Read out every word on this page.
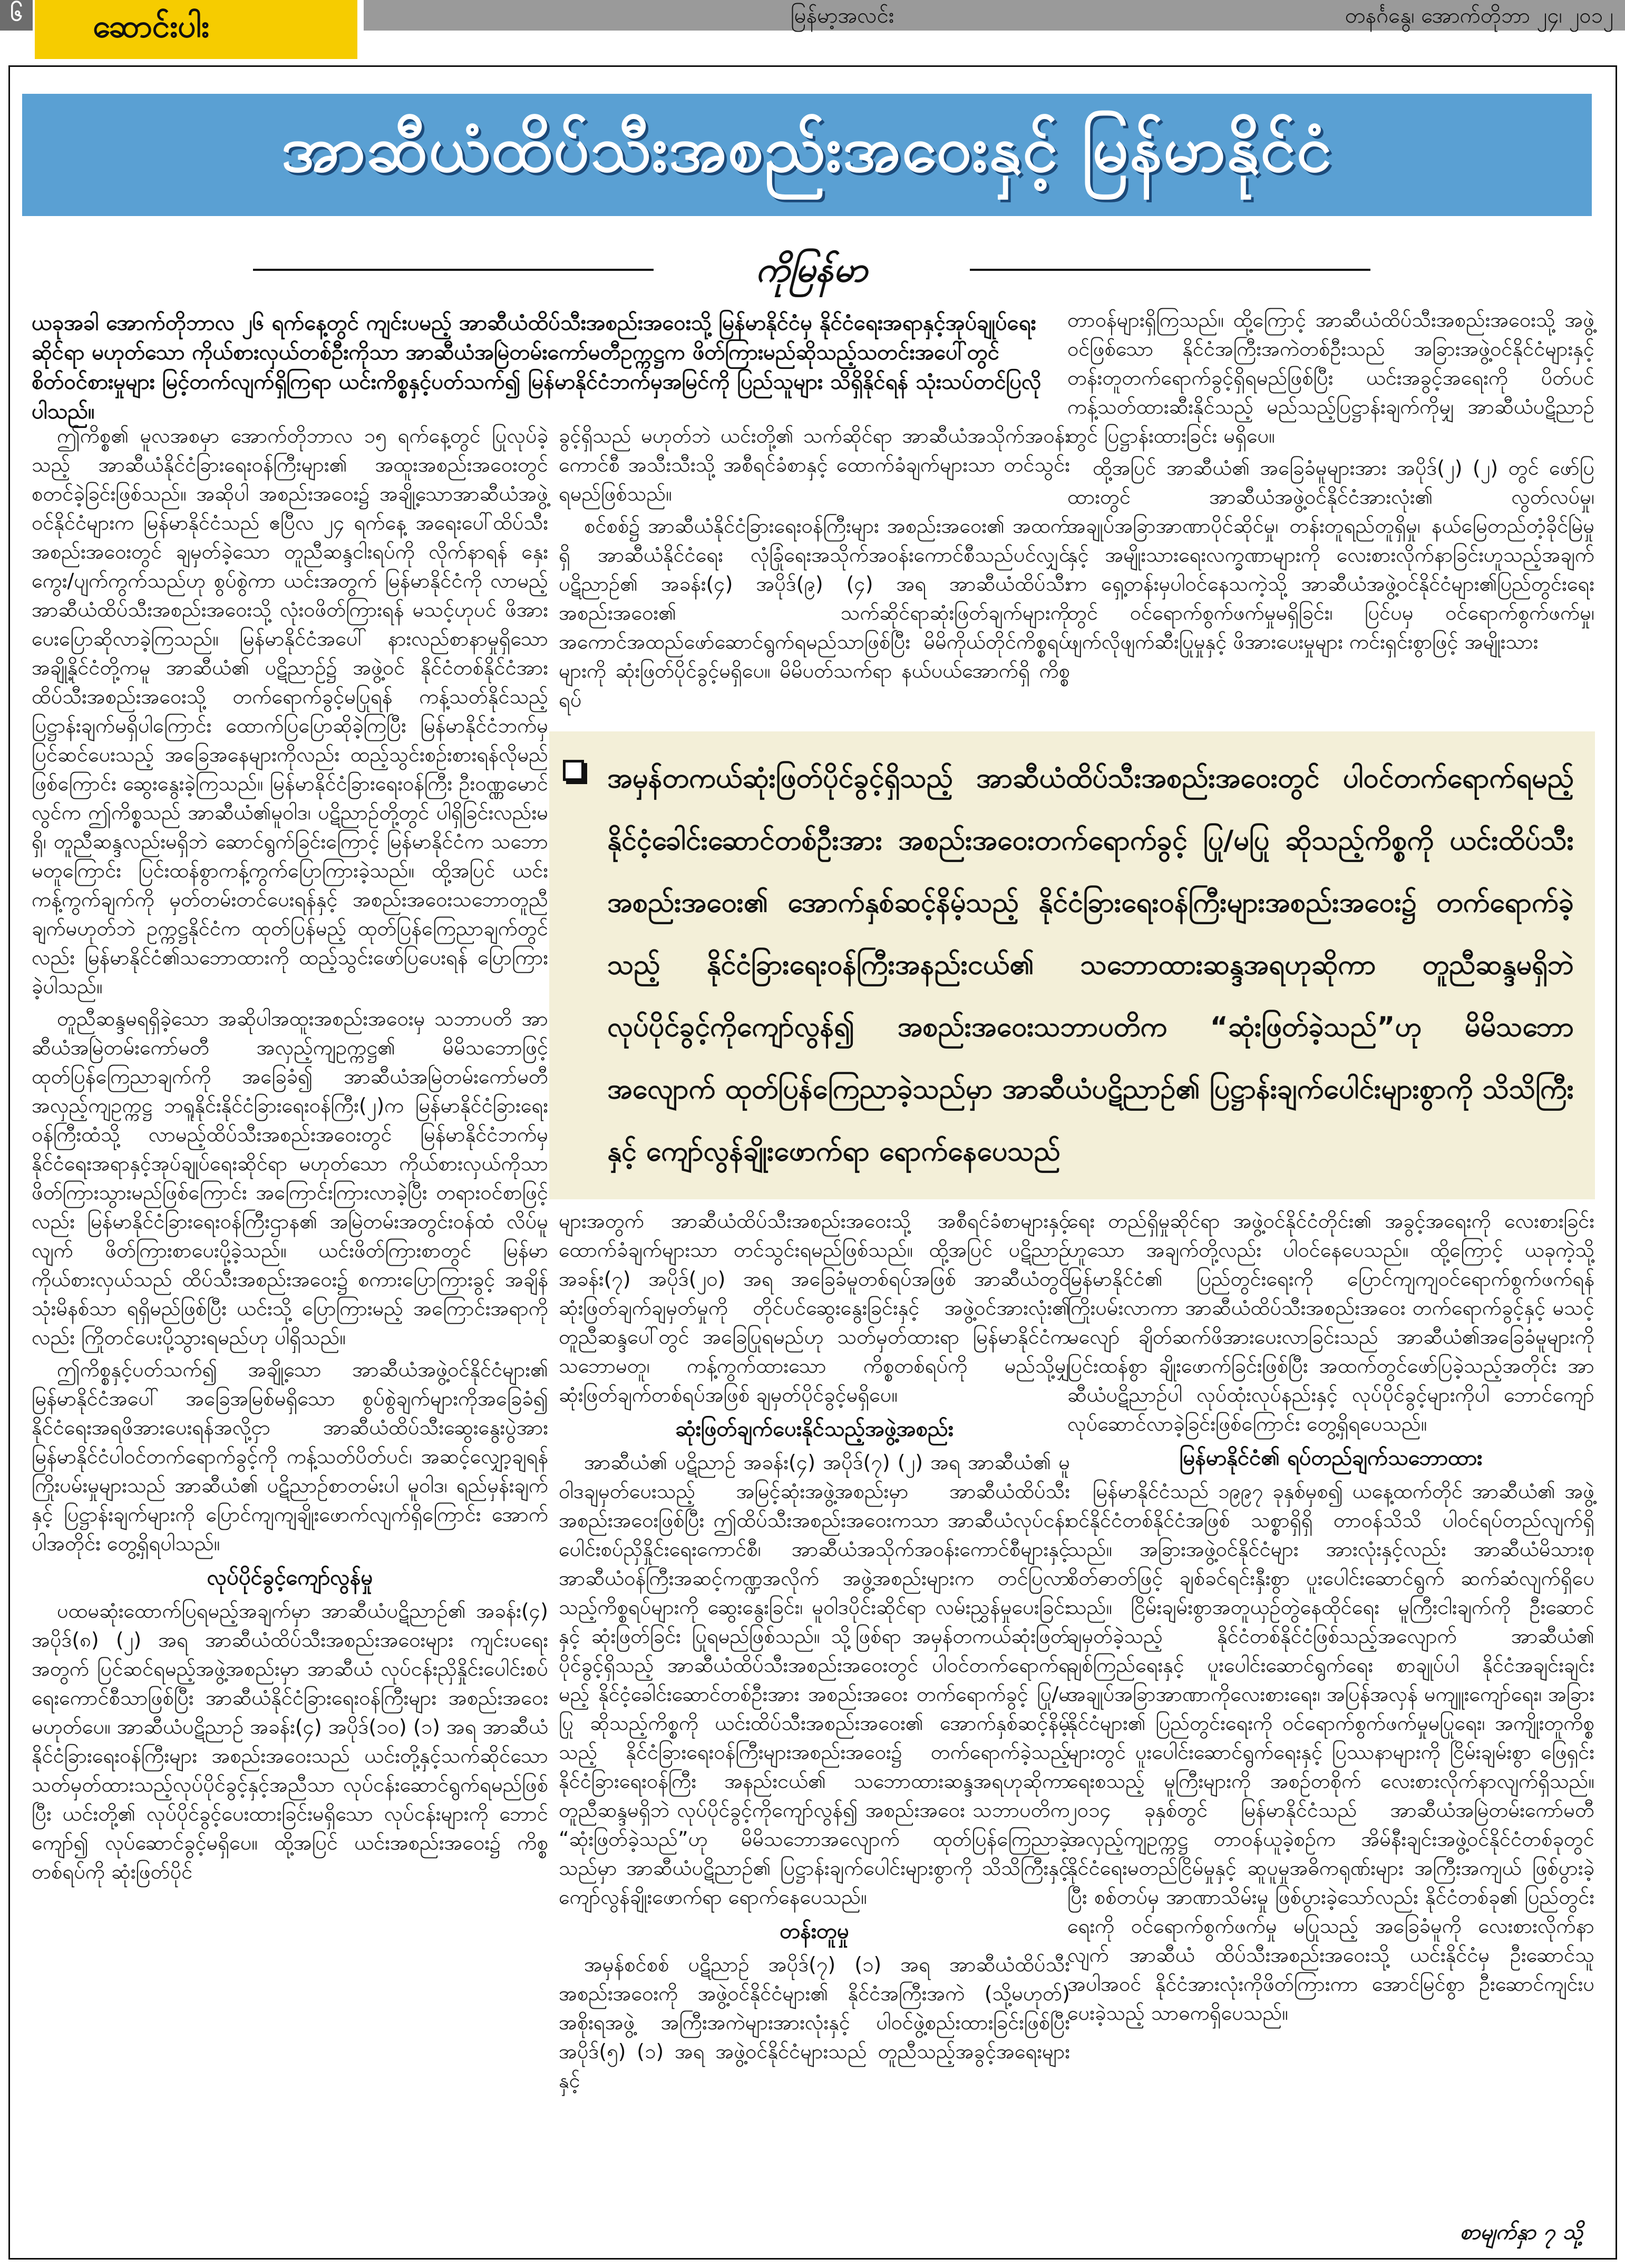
၆	ဆောင်းပါး	မြန်မာ့အလင်း	တနင်္ဂနွေ၊ အောက်တိုဘာ ၂၄၊ ၂၀၁၂
အာဆီယံထိပ်သီးအစည်းအဝေးနှင့် မြန်မာနိုင်ငံ
ကိုမြန်မာ
ယခုအခါ အောက်တိုဘာလ ၂၆ ရက်နေ့တွင် ကျင်းပမည့် အာဆီယံထိပ်သီးအစည်းအဝေးသို့ မြန်မာနိုင်ငံမှ နိုင်ငံရေးအရာနှင့်အုပ်ချုပ်ရေးဆိုင်ရာ မဟုတ်သော ကိုယ်စားလှယ်တစ်ဦးကိုသာ အာဆီယံအမြဲတမ်းကော်မတီဥက္ကဋ္ဌက ဖိတ်ကြားမည်ဆိုသည့်သတင်းအပေါ်တွင် စိတ်ဝင်စားမှုများ မြင့်တက်လျက်ရှိကြရာ ယင်းကိစ္စနှင့်ပတ်သက်၍ မြန်မာနိုင်ငံဘက်မှအမြင်ကို ပြည်သူများ သိရှိနိုင်ရန် သုံးသပ်တင်ပြလိုပါသည်။

ဤကိစ္စ၏ မူလအစမှာ အောက်တိုဘာလ ၁၅ ရက်နေ့တွင် ပြုလုပ်ခဲ့သည့် အာဆီယံနိုင်ငံခြားရေးဝန်ကြီးများ၏ အထူးအစည်းအဝေးတွင် စတင်ခဲ့ခြင်းဖြစ်သည်။ အဆိုပါ အစည်းအဝေး၌ အချို့သောအာဆီယံအဖွဲ့ဝင်နိုင်ငံများက မြန်မာနိုင်ငံသည် ဧပြီလ ၂၄ ရက်နေ့ အရေးပေါ်ထိပ်သီးအစည်းအဝေးတွင် ချမှတ်ခဲ့သော တူညီဆန္ဒငါးရပ်ကို လိုက်နာရန် နှေးကွေး/ပျက်ကွက်သည်ဟု စွပ်စွဲကာ ယင်းအတွက် မြန်မာနိုင်ငံကို လာမည့်အာဆီယံထိပ်သီးအစည်းအဝေးသို့ လုံးဝဖိတ်ကြားရန် မသင့်ဟုပင် ဖိအားပေးပြောဆိုလာခဲ့ကြသည်။ မြန်မာနိုင်ငံအပေါ် နားလည်စာနာမှုရှိသော အချို့နိုင်ငံတို့ကမူ အာဆီယံ၏ ပဋိညာဉ်၌ အဖွဲ့ဝင် နိုင်ငံတစ်နိုင်ငံအား ထိပ်သီးအစည်းအဝေးသို့ တက်ရောက်ခွင့်မပြုရန် ကန့်သတ်နိုင်သည့် ပြဋ္ဌာန်းချက်မရှိပါကြောင်း ထောက်ပြပြောဆိုခဲ့ကြပြီး မြန်မာနိုင်ငံဘက်မှ ပြင်ဆင်ပေးသည့် အခြေအနေများကိုလည်း ထည့်သွင်းစဉ်းစားရန်လိုမည်ဖြစ်ကြောင်း ဆွေးနွေးခဲ့ကြသည်။ မြန်မာနိုင်ငံခြားရေးဝန်ကြီး ဦးဝဏ္ဏမောင်လွင်က ဤကိစ္စသည် အာဆီယံ၏မူဝါဒ၊ ပဋိညာဉ်တို့တွင် ပါရှိခြင်းလည်းမရှိ၊ တူညီဆန္ဒလည်းမရှိဘဲ ဆောင်ရွက်ခြင်းကြောင့် မြန်မာနိုင်ငံက သဘောမတူကြောင်း ပြင်းထန်စွာကန့်ကွက်ပြောကြားခဲ့သည်။ ထို့အပြင် ယင်းကန့်ကွက်ချက်ကို မှတ်တမ်းတင်ပေးရန်နှင့် အစည်းအဝေးသဘောတူညီချက်မဟုတ်ဘဲ ဥက္ကဋ္ဌနိုင်ငံက ထုတ်ပြန်မည့် ထုတ်ပြန်ကြေညာချက်တွင်လည်း မြန်မာနိုင်ငံ၏သဘောထားကို ထည့်သွင်းဖော်ပြပေးရန် ပြောကြားခဲ့ပါသည်။

တူညီဆန္ဒမရရှိခဲ့သော အဆိုပါအထူးအစည်းအဝေးမှ သဘာပတိ အာဆီယံအမြဲတမ်းကော်မတီ အလှည့်ကျဥက္ကဋ္ဌ၏ မိမိသဘောဖြင့် ထုတ်ပြန်ကြေညာချက်ကို အခြေခံ၍ အာဆီယံအမြဲတမ်းကော်မတီ အလှည့်ကျဥက္ကဋ္ဌ ဘရူနိုင်းနိုင်ငံခြားရေးဝန်ကြီး(၂)က မြန်မာနိုင်ငံခြားရေးဝန်ကြီးထံသို့ လာမည့်ထိပ်သီးအစည်းအဝေးတွင် မြန်မာနိုင်ငံဘက်မှ နိုင်ငံရေးအရာနှင့်အုပ်ချုပ်ရေးဆိုင်ရာ မဟုတ်သော ကိုယ်စားလှယ်ကိုသာ ဖိတ်ကြားသွားမည်ဖြစ်ကြောင်း အကြောင်းကြားလာခဲ့ပြီး တရားဝင်စာဖြင့်လည်း မြန်မာနိုင်ငံခြားရေးဝန်ကြီးဌာန၏ အမြဲတမ်းအတွင်းဝန်ထံ လိပ်မူလျက် ဖိတ်ကြားစာပေးပို့ခဲ့သည်။ ယင်းဖိတ်ကြားစာတွင် မြန်မာကိုယ်စားလှယ်သည် ထိပ်သီးအစည်းအဝေး၌ စကားပြောကြားခွင့် အချိန်သုံးမိနစ်သာ ရရှိမည်ဖြစ်ပြီး ယင်းသို့ ပြောကြားမည့် အကြောင်းအရာကိုလည်း ကြိုတင်ပေးပို့သွားရမည်ဟု ပါရှိသည်။

ဤကိစ္စနှင့်ပတ်သက်၍ အချို့သော အာဆီယံအဖွဲ့ဝင်နိုင်ငံများ၏ မြန်မာနိုင်ငံအပေါ် အခြေအမြစ်မရှိသော စွပ်စွဲချက်များကိုအခြေခံ၍ နိုင်ငံရေးအရဖိအားပေးရန်အလို့ငှာ အာဆီယံထိပ်သီးဆွေးနွေးပွဲအား မြန်မာနိုင်ငံပါဝင်တက်ရောက်ခွင့်ကို ကန့်သတ်ပိတ်ပင်၊ အဆင့်လျှော့ချရန် ကြိုးပမ်းမှုများသည် အာဆီယံ၏ ပဋိညာဉ်စာတမ်းပါ မူဝါဒ၊ ရည်မှန်းချက်နှင့် ပြဋ္ဌာန်းချက်များကို ပြောင်ကျကျချိုးဖောက်လျက်ရှိကြောင်း အောက်ပါအတိုင်း တွေ့ရှိရပါသည်။

လုပ်ပိုင်ခွင့်ကျော်လွန်မှု

ပထမဆုံးထောက်ပြရမည့်အချက်မှာ အာဆီယံပဋိညာဉ်၏ အခန်း(၄) အပိုဒ်(၈) (၂) အရ အာဆီယံထိပ်သီးအစည်းအဝေးများ ကျင်းပရေးအတွက် ပြင်ဆင်ရမည့်အဖွဲ့အစည်းမှာ အာဆီယံ လုပ်ငန်းညှိနှိုင်းပေါင်းစပ်ရေးကောင်စီသာဖြစ်ပြီး အာဆီယံနိုင်ငံခြားရေးဝန်ကြီးများ အစည်းအဝေး မဟုတ်ပေ။ အာဆီယံပဋိညာဉ် အခန်း(၄) အပိုဒ်(၁၀) (၁) အရ အာဆီယံနိုင်ငံခြားရေးဝန်ကြီးများ အစည်းအဝေးသည် ယင်းတို့နှင့်သက်ဆိုင်သော သတ်မှတ်ထားသည့်လုပ်ပိုင်ခွင့်နှင့်အညီသာ လုပ်ငန်းဆောင်ရွက်ရမည်ဖြစ်ပြီး ယင်းတို့၏ လုပ်ပိုင်ခွင့်ပေးထားခြင်းမရှိသော လုပ်ငန်းများကို ဘောင်ကျော်၍ လုပ်ဆောင်ခွင့်မရှိပေ။ ထို့အပြင် ယင်းအစည်းအဝေး၌ ကိစ္စတစ်ရပ်ကို ဆုံးဖြတ်ပိုင်

ခွင့်ရှိသည် မဟုတ်ဘဲ ယင်းတို့၏ သက်ဆိုင်ရာ အာဆီယံအသိုက်အဝန်းကောင်စီ အသီးသီးသို့ အစီရင်ခံစာနှင့် ထောက်ခံချက်များသာ တင်သွင်းရမည်ဖြစ်သည်။

စင်စစ်၌ အာဆီယံနိုင်ငံခြားရေးဝန်ကြီးများ အစည်းအဝေး၏ အထက်ရှိ အာဆီယံနိုင်ငံရေး လုံခြုံရေးအသိုက်အဝန်းကောင်စီသည်ပင်လျှင် ပဋိညာဉ်၏ အခန်း(၄) အပိုဒ်(၉) (၄) အရ အာဆီယံထိပ်သီးအစည်းအဝေး၏ သက်ဆိုင်ရာဆုံးဖြတ်ချက်များကို အကောင်အထည်ဖော်ဆောင်ရွက်ရမည်သာဖြစ်ပြီး မိမိကိုယ်တိုင်ကိစ္စရပ်များကို ဆုံးဖြတ်ပိုင်ခွင့်မရှိပေ။ မိမိပတ်သက်ရာ နယ်ပယ်အောက်ရှိ ကိစ္စရပ်

တာဝန်များရှိကြသည်။ ထို့ကြောင့် အာဆီယံထိပ်သီးအစည်းအဝေးသို့ အဖွဲ့ဝင်ဖြစ်သော နိုင်ငံအကြီးအကဲတစ်ဦးသည် အခြားအဖွဲ့ဝင်နိုင်ငံများနှင့် တန်းတူတက်ရောက်ခွင့်ရှိရမည်ဖြစ်ပြီး ယင်းအခွင့်အရေးကို ပိတ်ပင်ကန့်သတ်ထားဆီးနိုင်သည့် မည်သည့်ပြဋ္ဌာန်းချက်ကိုမျှ အာဆီယံပဋိညာဉ်တွင် ပြဋ္ဌာန်းထားခြင်း မရှိပေ။

ထို့အပြင် အာဆီယံ၏ အခြေခံမူများအား အပိုဒ်(၂) (၂) တွင် ဖော်ပြထားတွင် အာဆီယံအဖွဲ့ဝင်နိုင်ငံအားလုံး၏ လွတ်လပ်မှု၊ အချုပ်အခြာအာဏာပိုင်ဆိုင်မှု၊ တန်းတူရည်တူရှိမှု၊ နယ်မြေတည်တံ့ခိုင်မြဲမှုနှင့် အမျိုးသားရေးလက္ခဏာများကို လေးစားလိုက်နာခြင်းဟူသည့်အချက်က ရှေ့တန်းမှပါဝင်နေသကဲ့သို့ အာဆီယံအဖွဲ့ဝင်နိုင်ငံများ၏ပြည်တွင်းရေးတွင် ဝင်ရောက်စွက်ဖက်မှုမရှိခြင်း၊ ပြင်ပမှ ဝင်ရောက်စွက်ဖက်မှု၊ ဖျက်လိုဖျက်ဆီးပြုမှုနှင့် ဖိအားပေးမှုများ ကင်းရှင်းစွာဖြင့် အမျိုးသား

အမှန်တကယ်ဆုံးဖြတ်ပိုင်ခွင့်ရှိသည့် အာဆီယံထိပ်သီးအစည်းအဝေးတွင် ပါဝင်တက်ရောက်ရမည့် နိုင်ငံ့ခေါင်းဆောင်တစ်ဦးအား အစည်းအဝေးတက်ရောက်ခွင့် ပြု/မပြု ဆိုသည့်ကိစ္စကို ယင်းထိပ်သီးအစည်းအဝေး၏ အောက်နှစ်ဆင့်နိမ့်သည့် နိုင်ငံခြားရေးဝန်ကြီးများအစည်းအဝေး၌ တက်ရောက်ခဲ့သည့် နိုင်ငံခြားရေးဝန်ကြီးအနည်းငယ်၏ သဘောထားဆန္ဒအရဟုဆိုကာ တူညီဆန္ဒမရှိဘဲ လုပ်ပိုင်ခွင့်ကိုကျော်လွန်၍ အစည်းအဝေးသဘာပတိက “ဆုံးဖြတ်ခဲ့သည်”ဟု မိမိသဘောအလျောက် ထုတ်ပြန်ကြေညာခဲ့သည်မှာ အာဆီယံပဋိညာဉ်၏ ပြဋ္ဌာန်းချက်ပေါင်းများစွာကို သိသိကြီးနှင့် ကျော်လွန်ချိုးဖောက်ရာ ရောက်နေပေသည်

များအတွက် အာဆီယံထိပ်သီးအစည်းအဝေးသို့ အစီရင်ခံစာများနှင့် ထောက်ခံချက်များသာ တင်သွင်းရမည်ဖြစ်သည်။ ထို့အပြင် ပဋိညာဉ်အခန်း(၇) အပိုဒ်(၂၀) အရ အခြေခံမူတစ်ရပ်အဖြစ် အာဆီယံတွင် ဆုံးဖြတ်ချက်ချမှတ်မှုကို တိုင်ပင်ဆွေးနွေးခြင်းနှင့် အဖွဲ့ဝင်အားလုံး၏ တူညီဆန္ဒပေါ်တွင် အခြေပြုရမည်ဟု သတ်မှတ်ထားရာ မြန်မာနိုင်ငံက သဘောမတူ၊ ကန့်ကွက်ထားသော ကိစ္စတစ်ရပ်ကို မည်သို့မျှ ဆုံးဖြတ်ချက်တစ်ရပ်အဖြစ် ချမှတ်ပိုင်ခွင့်မရှိပေ။

ဆုံးဖြတ်ချက်ပေးနိုင်သည့်အဖွဲ့အစည်း

အာဆီယံ၏ ပဋိညာဉ် အခန်း(၄) အပိုဒ်(၇) (၂) အရ အာဆီယံ၏ မူဝါဒချမှတ်ပေးသည့် အမြင့်ဆုံးအဖွဲ့အစည်းမှာ အာဆီယံထိပ်သီးအစည်းအဝေးဖြစ်ပြီး ဤထိပ်သီးအစည်းအဝေးကသာ အာဆီယံလုပ်ငန်း ပေါင်းစပ်ညှိနှိုင်းရေးကောင်စီ၊ အာဆီယံအသိုက်အဝန်းကောင်စီများနှင့် အာဆီယံဝန်ကြီးအဆင့်ကဏ္ဍအလိုက် အဖွဲ့အစည်းများက တင်ပြလာသည့်ကိစ္စရပ်များကို ဆွေးနွေးခြင်း၊ မူဝါဒပိုင်းဆိုင်ရာ လမ်းညွှန်မှုပေးခြင်းနှင့် ဆုံးဖြတ်ခြင်း ပြုရမည်ဖြစ်သည်။ သို့ဖြစ်ရာ အမှန်တကယ်ဆုံးဖြတ်ပိုင်ခွင့်ရှိသည့် အာဆီယံထိပ်သီးအစည်းအဝေးတွင် ပါဝင်တက်ရောက်ရမည့် နိုင်ငံ့ခေါင်းဆောင်တစ်ဦးအား အစည်းအဝေး တက်ရောက်ခွင့် ပြု/မပြု ဆိုသည့်ကိစ္စကို ယင်းထိပ်သီးအစည်းအဝေး၏ အောက်နှစ်ဆင့်နိမ့်သည့် နိုင်ငံခြားရေးဝန်ကြီးများအစည်းအဝေး၌ တက်ရောက်ခဲ့သည့် နိုင်ငံခြားရေးဝန်ကြီး အနည်းငယ်၏ သဘောထားဆန္ဒအရဟုဆိုကာ တူညီဆန္ဒမရှိဘဲ လုပ်ပိုင်ခွင့်ကိုကျော်လွန်၍ အစည်းအဝေး သဘာပတိက “ဆုံးဖြတ်ခဲ့သည်”ဟု မိမိသဘောအလျောက် ထုတ်ပြန်ကြေညာခဲ့သည်မှာ အာဆီယံပဋိညာဉ်၏ ပြဋ္ဌာန်းချက်ပေါင်းများစွာကို သိသိကြီးနှင့် ကျော်လွန်ချိုးဖောက်ရာ ရောက်နေပေသည်။

တန်းတူမှု

အမှန်စင်စစ် ပဋိညာဉ် အပိုဒ်(၇) (၁) အရ အာဆီယံထိပ်သီးအစည်းအဝေးကို အဖွဲ့ဝင်နိုင်ငံများ၏ နိုင်ငံအကြီးအကဲ (သို့မဟုတ်) အစိုးရအဖွဲ့ အကြီးအကဲများအားလုံးနှင့် ပါဝင်ဖွဲ့စည်းထားခြင်းဖြစ်ပြီး အပိုဒ်(၅) (၁) အရ အဖွဲ့ဝင်နိုင်ငံများသည် တူညီသည့်အခွင့်အရေးများနှင့်

ရေး တည်ရှိမှုဆိုင်ရာ အဖွဲ့ဝင်နိုင်ငံတိုင်း၏ အခွင့်အရေးကို လေးစားခြင်းဟူသော အချက်တို့လည်း ပါဝင်နေပေသည်။ ထို့ကြောင့် ယခုကဲ့သို့ မြန်မာနိုင်ငံ၏ ပြည်တွင်းရေးကို ပြောင်ကျကျဝင်ရောက်စွက်ဖက်ရန် ကြိုးပမ်းလာကာ အာဆီယံထိပ်သီးအစည်းအဝေး တက်ရောက်ခွင့်နှင့် မသင့်မလျော် ချိတ်ဆက်ဖိအားပေးလာခြင်းသည် အာဆီယံ၏အခြေခံမူများကို ပြင်းထန်စွာ ချိုးဖောက်ခြင်းဖြစ်ပြီး အထက်တွင်ဖော်ပြခဲ့သည့်အတိုင်း အာဆီယံပဋိညာဉ်ပါ လုပ်ထုံးလုပ်နည်းနှင့် လုပ်ပိုင်ခွင့်များကိုပါ ဘောင်ကျော်လုပ်ဆောင်လာခဲ့ခြင်းဖြစ်ကြောင်း တွေ့ရှိရပေသည်။

မြန်မာနိုင်ငံ၏ ရပ်တည်ချက်သဘောထား

မြန်မာနိုင်ငံသည် ၁၉၉၇ ခုနှစ်မှစ၍ ယနေ့ထက်တိုင် အာဆီယံ၏ အဖွဲ့ဝင်နိုင်ငံတစ်နိုင်ငံအဖြစ် သစ္စာရှိရှိ တာဝန်သိသိ ပါဝင်ရပ်တည်လျက်ရှိသည်။ အခြားအဖွဲ့ဝင်နိုင်ငံများ အားလုံးနှင့်လည်း အာဆီယံမိသားစုစိတ်ဓာတ်ဖြင့် ချစ်ခင်ရင်းနှီးစွာ ပူးပေါင်းဆောင်ရွက် ဆက်ဆံလျက်ရှိပေသည်။ ငြိမ်းချမ်းစွာအတူယှဉ်တွဲနေထိုင်ရေး မူကြီးငါးချက်ကို ဦးဆောင်ချမှတ်ခဲ့သည့် နိုင်ငံတစ်နိုင်ငံဖြစ်သည့်အလျောက် အာဆီယံ၏ ချစ်ကြည်ရေးနှင့် ပူးပေါင်းဆောင်ရွက်ရေး စာချုပ်ပါ နိုင်ငံအချင်းချင်း အချုပ်အခြာအာဏာကိုလေးစားရေး၊ အပြန်အလှန် မကျူးကျော်ရေး၊ အခြားနိုင်ငံများ၏ ပြည်တွင်းရေးကို ဝင်ရောက်စွက်ဖက်မှုမပြုရေး၊ အကျိုးတူကိစ္စများတွင် ပူးပေါင်းဆောင်ရွက်ရေးနှင့် ပြဿနာများကို ငြိမ်းချမ်းစွာ ဖြေရှင်းရေးစသည့် မူကြီးများကို အစဉ်တစိုက် လေးစားလိုက်နာလျက်ရှိသည်။ ၂၀၁၄ ခုနှစ်တွင် မြန်မာနိုင်ငံသည် အာဆီယံအမြဲတမ်းကော်မတီ အလှည့်ကျဥက္ကဋ္ဌ တာဝန်ယူခဲ့စဉ်က အိမ်နီးချင်းအဖွဲ့ဝင်နိုင်ငံတစ်ခုတွင် နိုင်ငံရေးမတည်ငြိမ်မှုနှင့် ဆူပူမှုအဓိကရုဏ်းများ အကြီးအကျယ် ဖြစ်ပွားခဲ့ပြီး စစ်တပ်မှ အာဏာသိမ်းမှု ဖြစ်ပွားခဲ့သော်လည်း နိုင်ငံတစ်ခု၏ ပြည်တွင်းရေးကို ဝင်ရောက်စွက်ဖက်မှု မပြုသည့် အခြေခံမူကို လေးစားလိုက်နာလျက် အာဆီယံ ထိပ်သီးအစည်းအဝေးသို့ ယင်းနိုင်ငံမှ ဦးဆောင်သူအပါအဝင် နိုင်ငံအားလုံးကိုဖိတ်ကြားကာ အောင်မြင်စွာ ဦးဆောင်ကျင်းပပေးခဲ့သည့် သာဓကရှိပေသည်။

စာမျက်နှာ ၇ သို့
